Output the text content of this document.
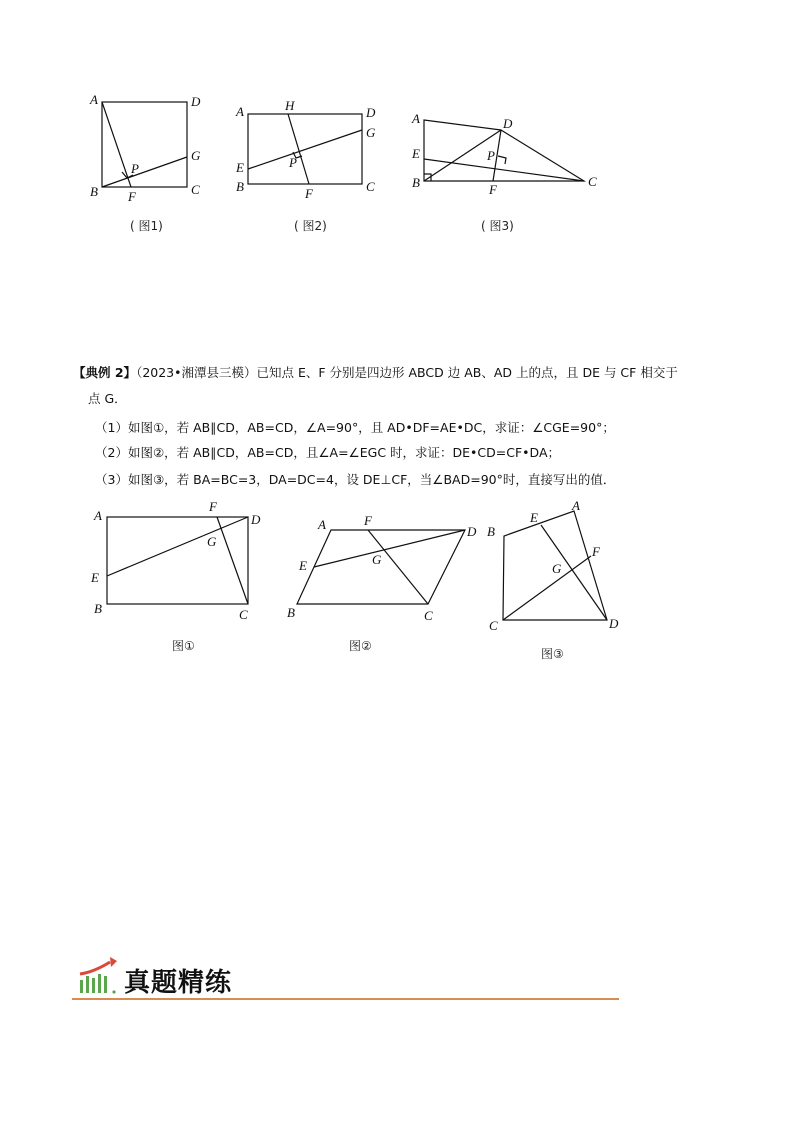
A	D
G
P
B F	C
A	H	D
G
P
E
B	F	C
A	D
E	P
B	F
C
( 图1)	( 图2)	( 图3)
【典例 2】（2023•湘潭县三模）已知点 E、F 分别是四边形 ABCD 边 AB、AD 上的点，且 DE 与 CF 相交于
点 G．
（1）如图①，若 AB∥CD，AB=CD，∠A=90°，且 AD•DF=AE•DC，求证：∠CGE=90°；
（2）如图②，若 AB∥CD，AB=CD，且∠A=∠EGC 时，求证：DE•CD=CF•DA；
（3）如图③，若 BA=BC=3，DA=DC=4，设 DE⊥CF，当∠BAD=90°时，直接写出的值．
A
F
D
G
E
B	C
A	F
D
G
E
B	C
E
A
B
F
G
C	D
图①	图②
图③
真题精练
